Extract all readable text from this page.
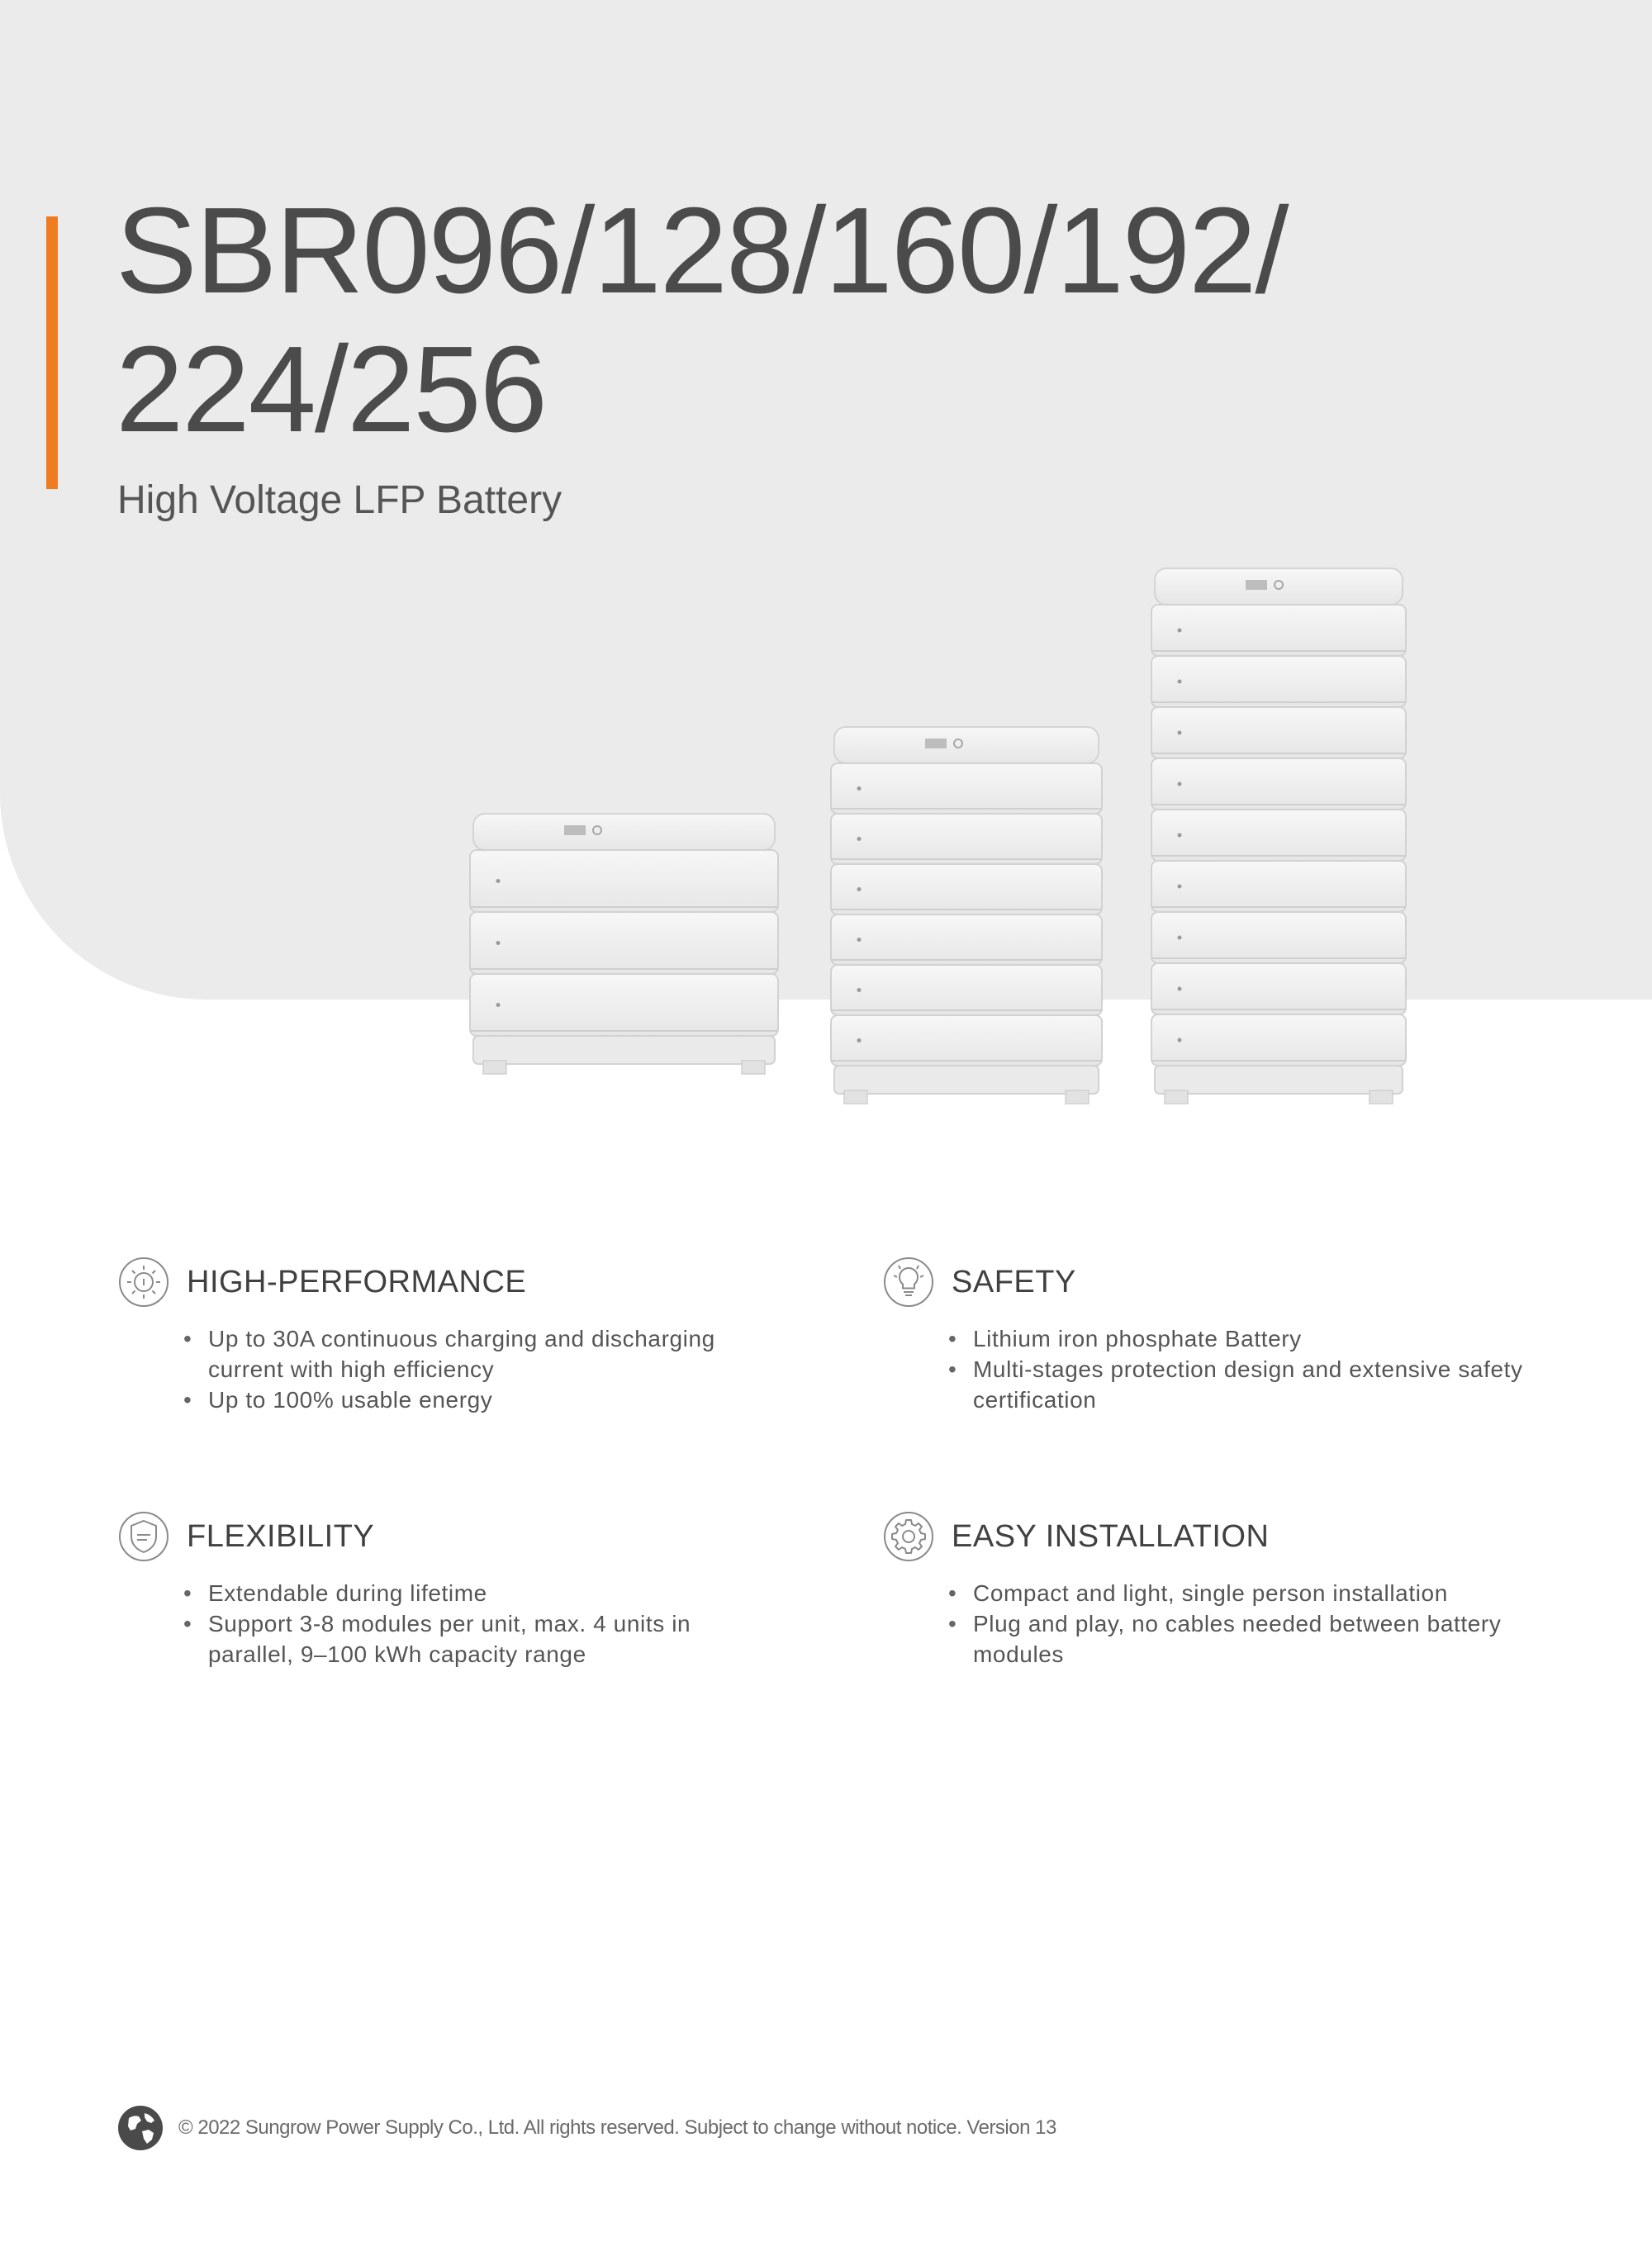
SBR096/128/160/192/
224/256

High Voltage LFP Battery

HIGH-PERFORMANCE
• Up to 30A continuous charging and discharging current with high efficiency
• Up to 100% usable energy
SAFETY
• Lithium iron phosphate Battery
• Multi-stages protection design and extensive safety certification
FLEXIBILITY
• Extendable during lifetime
• Support 3-8 modules per unit, max. 4 units in parallel, 9–100 kWh capacity range
EASY INSTALLATION
• Compact and light, single person installation
• Plug and play, no cables needed between battery modules
© 2022 Sungrow Power Supply Co., Ltd. All rights reserved. Subject to change without notice. Version 13
